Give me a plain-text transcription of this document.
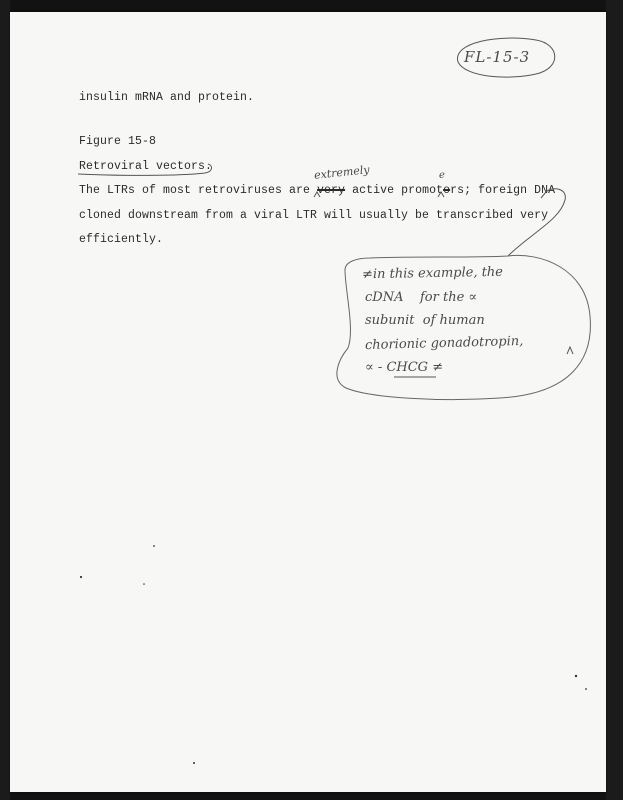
FL-15-3
insulin mRNA and protein.
Figure 15-8
Retroviral vectors.
The LTRs of most retroviruses are very active promotors; foreign DNA
cloned downstream from a viral LTR will usually be transcribed very
efficiently.
extremely	e
≠in this example, the
cDNA    for the ∝
subunit  of human
chorionic gonadotropin,
∝ - CHCG ≠
